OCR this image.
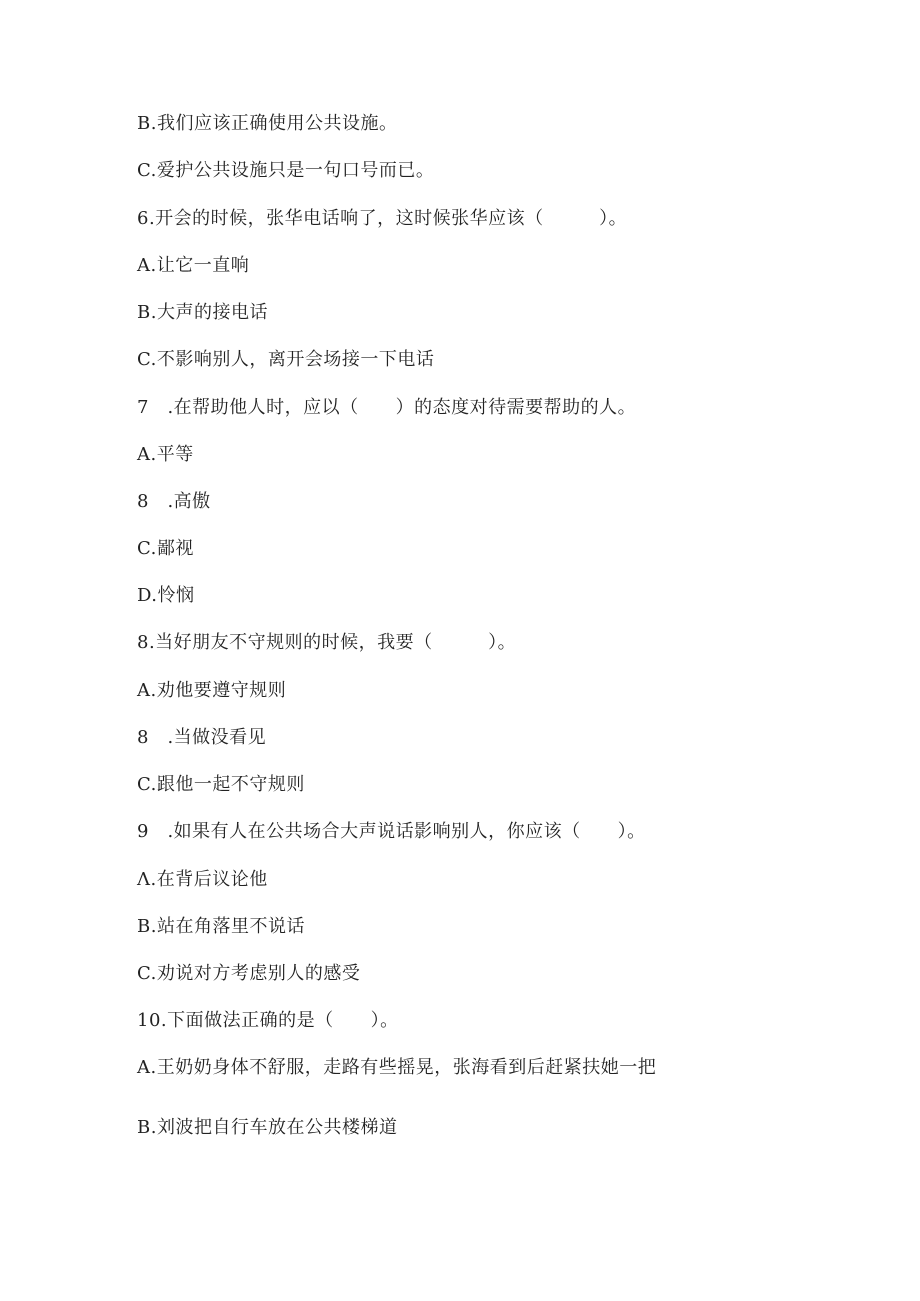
B.我们应该正确使用公共设施。
C.爱护公共设施只是一句口号而已。
6.开会的时候，张华电话响了，这时候张华应该（　　　）。
A.让它一直响
B.大声的接电话
C.不影响别人，离开会场接一下电话
7　.在帮助他人时，应以（　　）的态度对待需要帮助的人。
A.平等
8　.高傲
C.鄙视
D.怜悯
8.当好朋友不守规则的时候，我要（　　　）。
A.劝他要遵守规则
8　.当做没看见
C.跟他一起不守规则
9　.如果有人在公共场合大声说话影响别人，你应该（　　）。
Λ.在背后议论他
B.站在角落里不说话
C.劝说对方考虑别人的感受
10.下面做法正确的是（　　）。
A.王奶奶身体不舒服，走路有些摇晃，张海看到后赶紧扶她一把
B.刘波把自行车放在公共楼梯道
